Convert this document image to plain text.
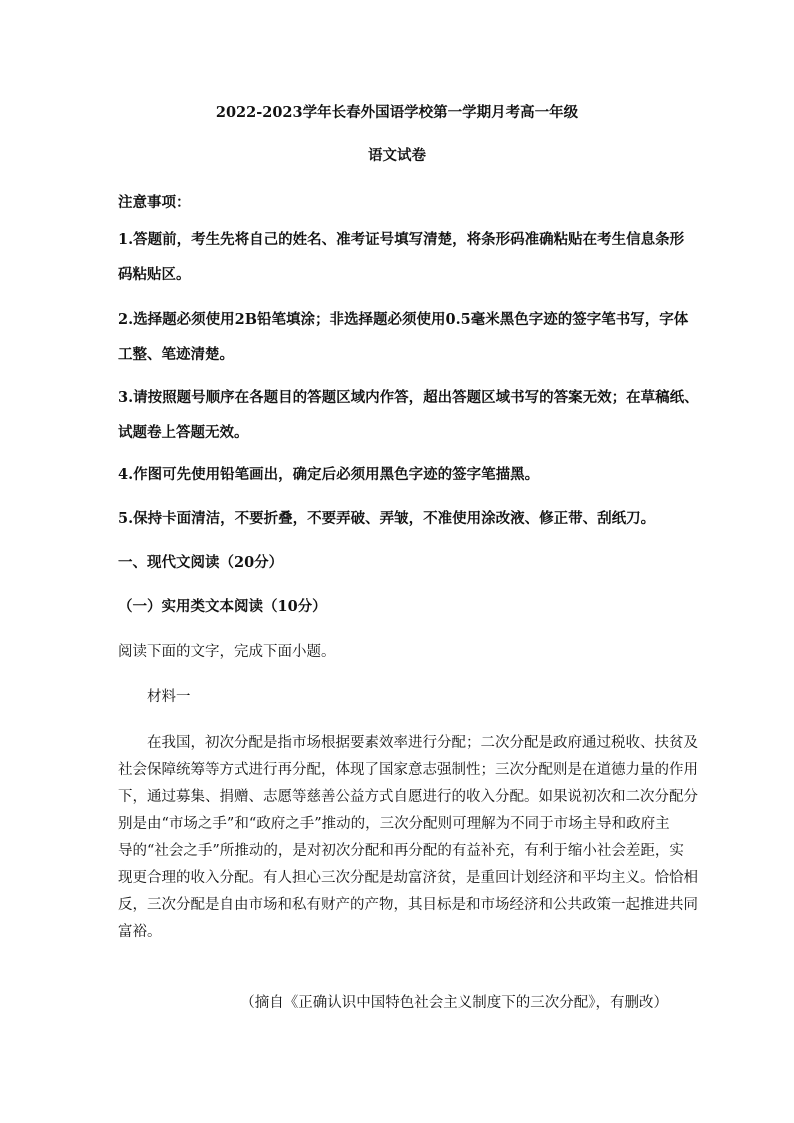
2022-2023学年长春外国语学校第一学期月考高一年级
语文试卷
注意事项：
1.答题前，考生先将自己的姓名、准考证号填写清楚，将条形码准确粘贴在考生信息条形
码粘贴区。
2.选择题必须使用2B铅笔填涂；非选择题必须使用0.5毫米黑色字迹的签字笔书写，字体
工整、笔迹清楚。
3.请按照题号顺序在各题目的答题区域内作答，超出答题区域书写的答案无效；在草稿纸、
试题卷上答题无效。
4.作图可先使用铅笔画出，确定后必须用黑色字迹的签字笔描黑。
5.保持卡面清洁，不要折叠，不要弄破、弄皱，不准使用涂改液、修正带、刮纸刀。
一、现代文阅读（20分）
（一）实用类文本阅读（10分）
阅读下面的文字，完成下面小题。
材料一
在我国，初次分配是指市场根据要素效率进行分配；二次分配是政府通过税收、扶贫及
社会保障统筹等方式进行再分配，体现了国家意志强制性；三次分配则是在道德力量的作用
下，通过募集、捐赠、志愿等慈善公益方式自愿进行的收入分配。如果说初次和二次分配分
别是由“市场之手”和“政府之手”推动的，三次分配则可理解为不同于市场主导和政府主
导的“社会之手”所推动的，是对初次分配和再分配的有益补充，有利于缩小社会差距，实
现更合理的收入分配。有人担心三次分配是劫富济贫，是重回计划经济和平均主义。恰恰相
反，三次分配是自由市场和私有财产的产物，其目标是和市场经济和公共政策一起推进共同
富裕。
（摘自《正确认识中国特色社会主义制度下的三次分配》，有删改）
